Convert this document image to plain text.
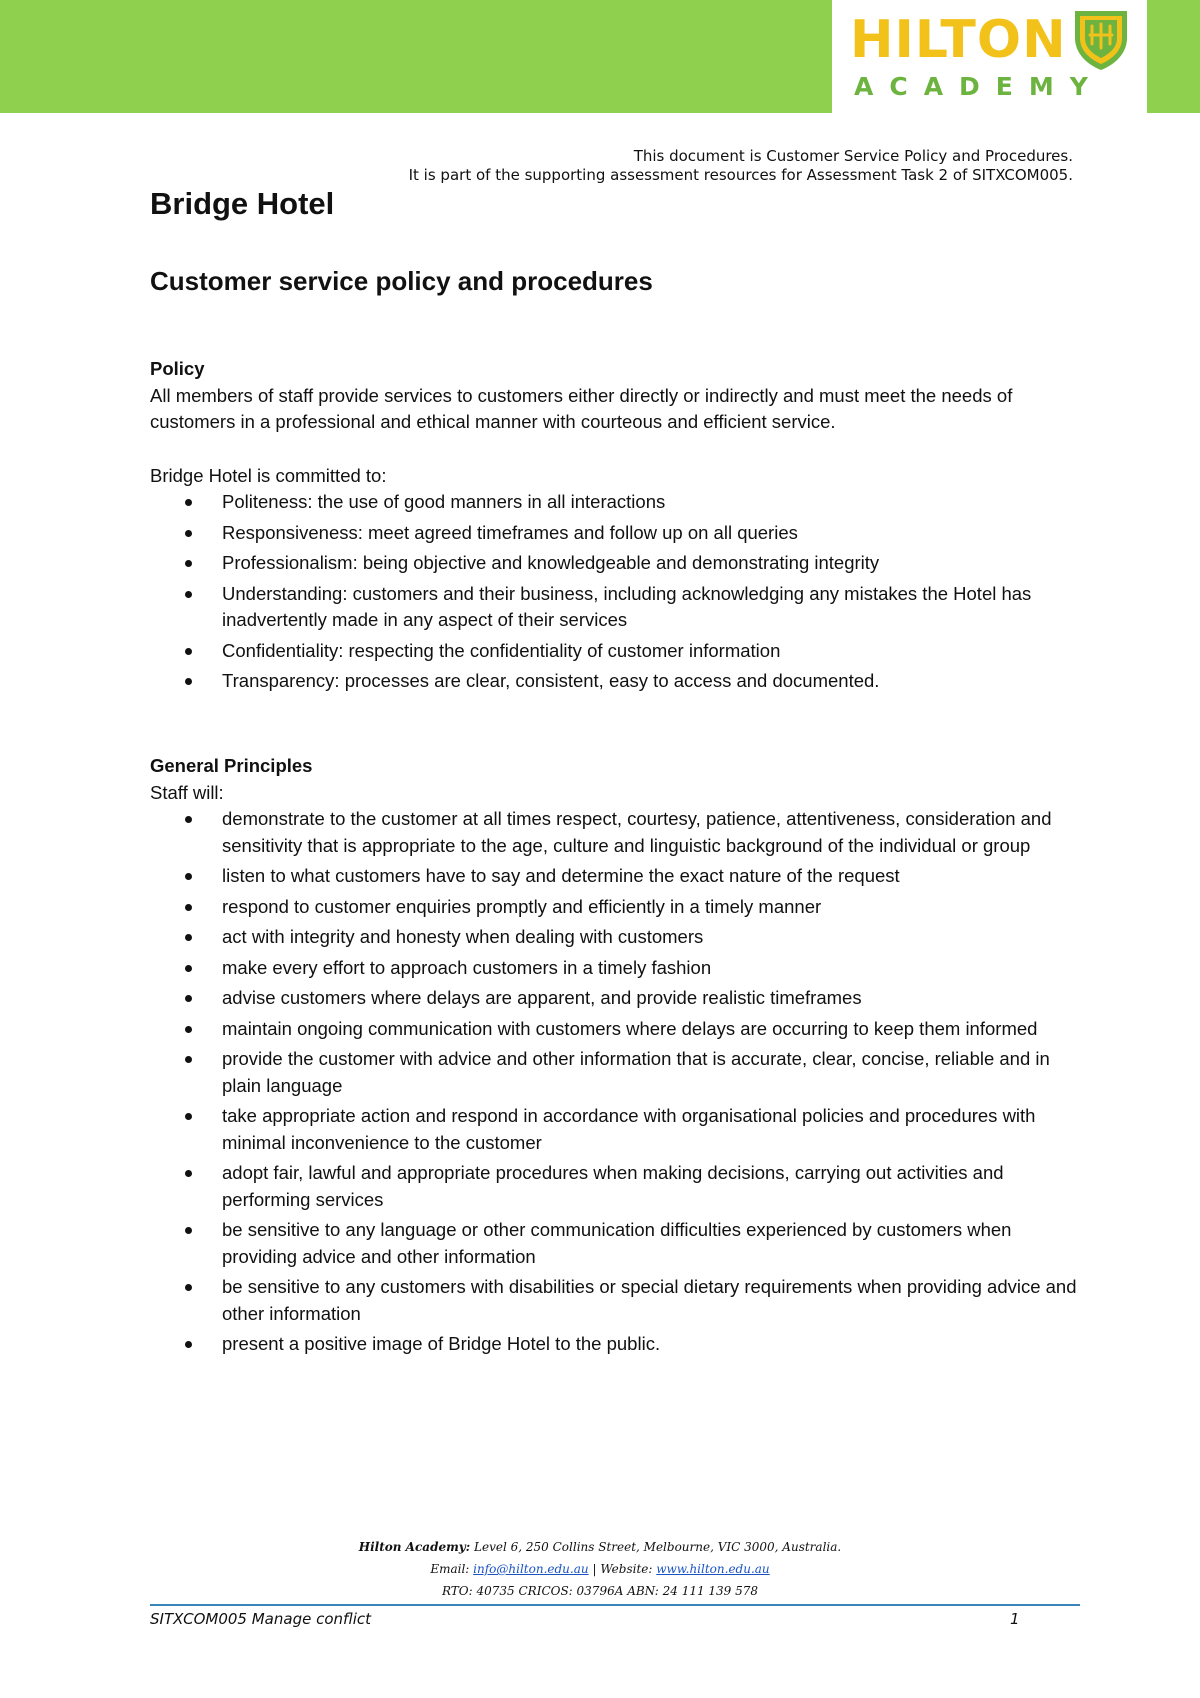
HILTON
ACADEMY
This document is Customer Service Policy and Procedures.
It is part of the supporting assessment resources for Assessment Task 2 of SITXCOM005.
Bridge Hotel
Customer service policy and procedures
Policy

All members of staff provide services to customers either directly or indirectly and must meet the needs of customers in a professional and ethical manner with courteous and efficient service.

Bridge Hotel is committed to:

Politeness: the use of good manners in all interactions
Responsiveness: meet agreed timeframes and follow up on all queries
Professionalism: being objective and knowledgeable and demonstrating integrity
Understanding: customers and their business, including acknowledging any mistakes the Hotel has inadvertently made in any aspect of their services
Confidentiality: respecting the confidentiality of customer information
Transparency: processes are clear, consistent, easy to access and documented.
General Principles

Staff will:

demonstrate to the customer at all times respect, courtesy, patience, attentiveness, consideration and sensitivity that is appropriate to the age, culture and linguistic background of the individual or group
listen to what customers have to say and determine the exact nature of the request
respond to customer enquiries promptly and efficiently in a timely manner
act with integrity and honesty when dealing with customers
make every effort to approach customers in a timely fashion
advise customers where delays are apparent, and provide realistic timeframes
maintain ongoing communication with customers where delays are occurring to keep them informed
provide the customer with advice and other information that is accurate, clear, concise, reliable and in plain language
take appropriate action and respond in accordance with organisational policies and procedures with minimal inconvenience to the customer
adopt fair, lawful and appropriate procedures when making decisions, carrying out activities and performing services
be sensitive to any language or other communication difficulties experienced by customers when providing advice and other information
be sensitive to any customers with disabilities or special dietary requirements when providing advice and other information
present a positive image of Bridge Hotel to the public.
Hilton Academy: Level 6, 250 Collins Street, Melbourne, VIC 3000, Australia.
Email: info@hilton.edu.au | Website: www.hilton.edu.au
RTO: 40735 CRICOS: 03796A ABN: 24 111 139 578
SITXCOM005 Manage conflict	1
